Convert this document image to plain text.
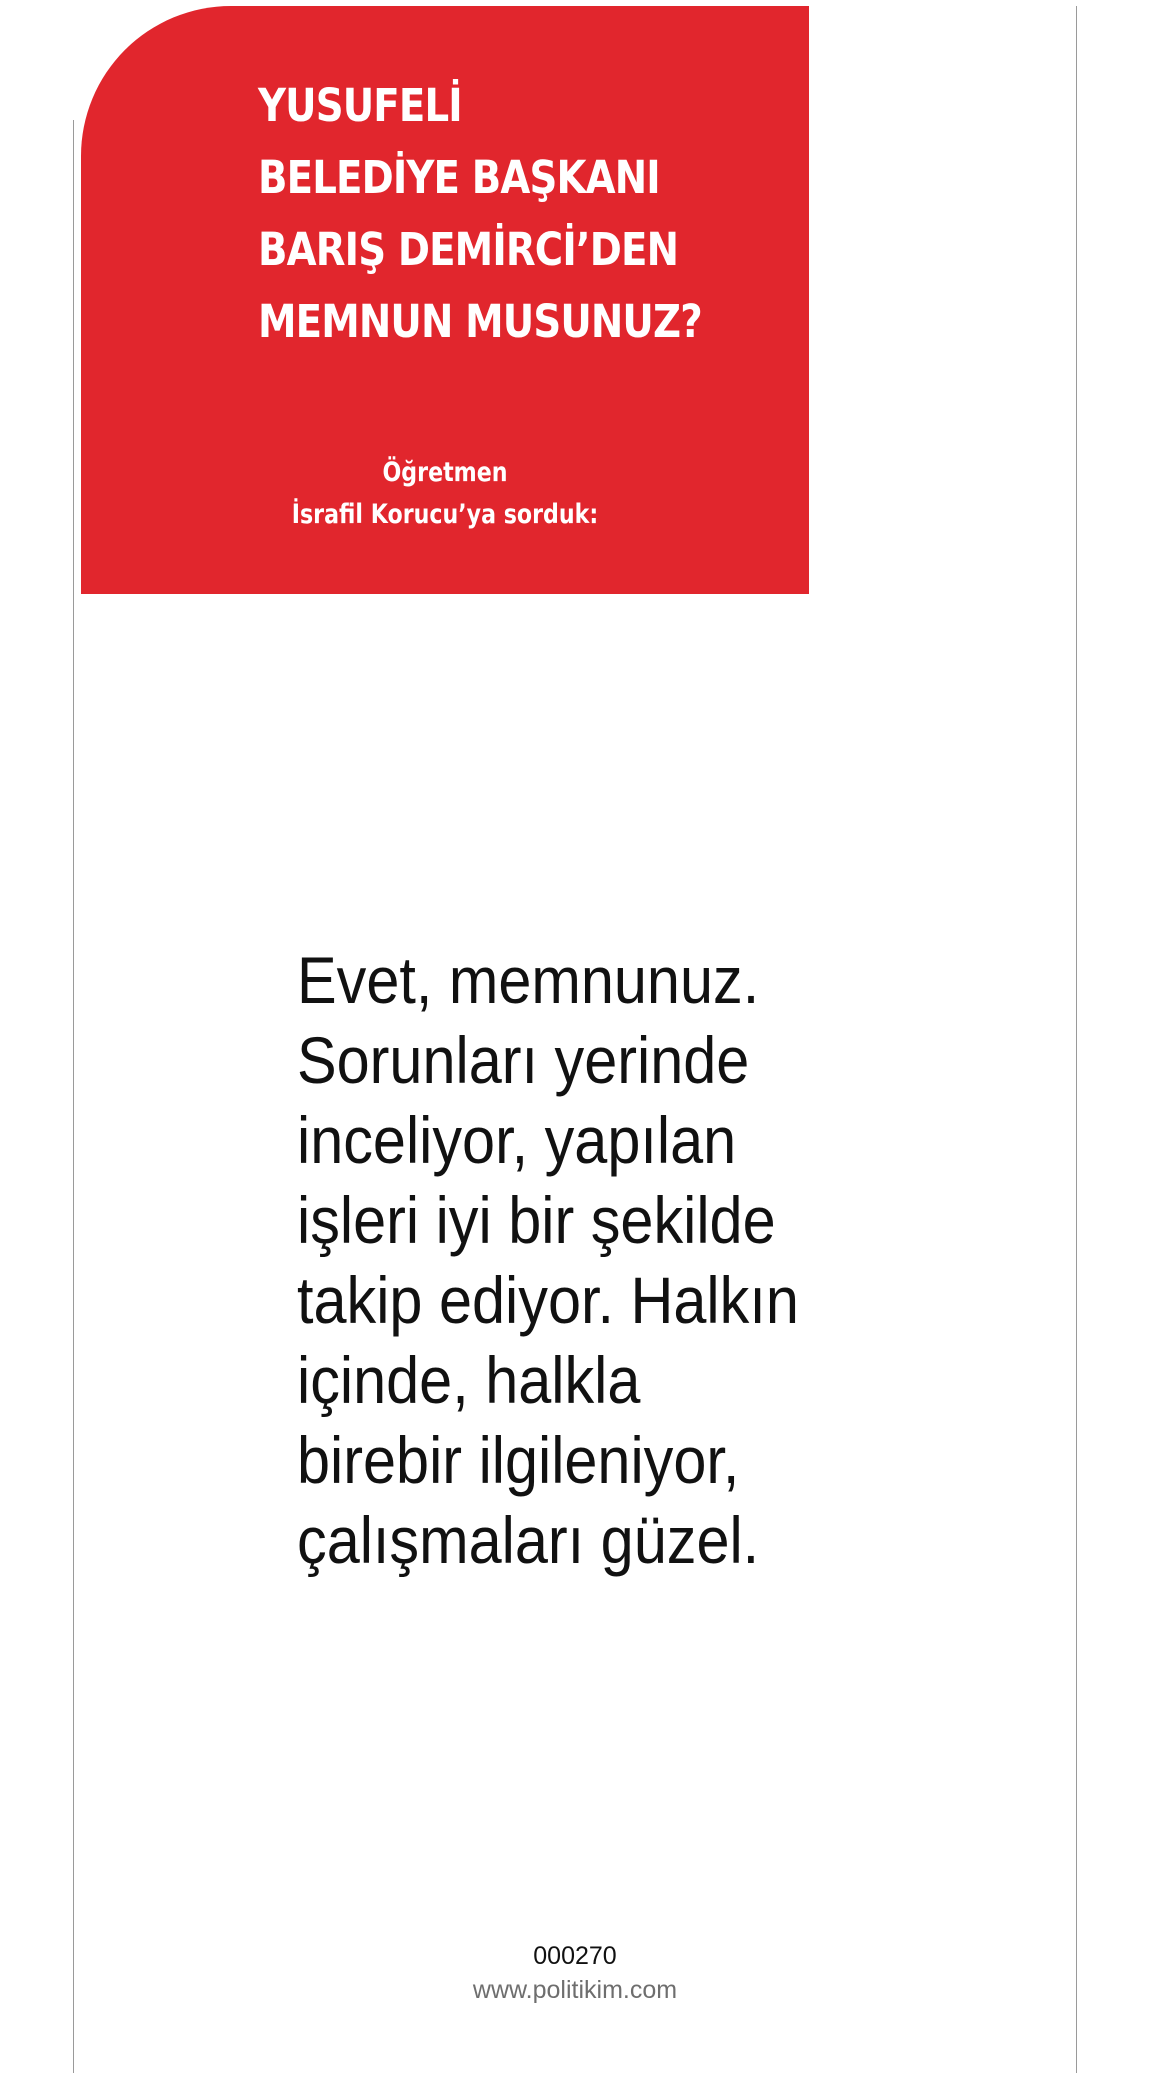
YUSUFELİ
BELEDİYE BAŞKANI
BARIŞ DEMİRCİ’DEN
MEMNUN MUSUNUZ?
Öğretmen
İsrafil Korucu’ya sorduk:
Evet, memnunuz.
Sorunları yerinde
inceliyor, yapılan
işleri iyi bir şekilde
takip ediyor. Halkın
içinde, halkla
birebir ilgileniyor,
çalışmaları güzel.
000270
www.politikim.com
